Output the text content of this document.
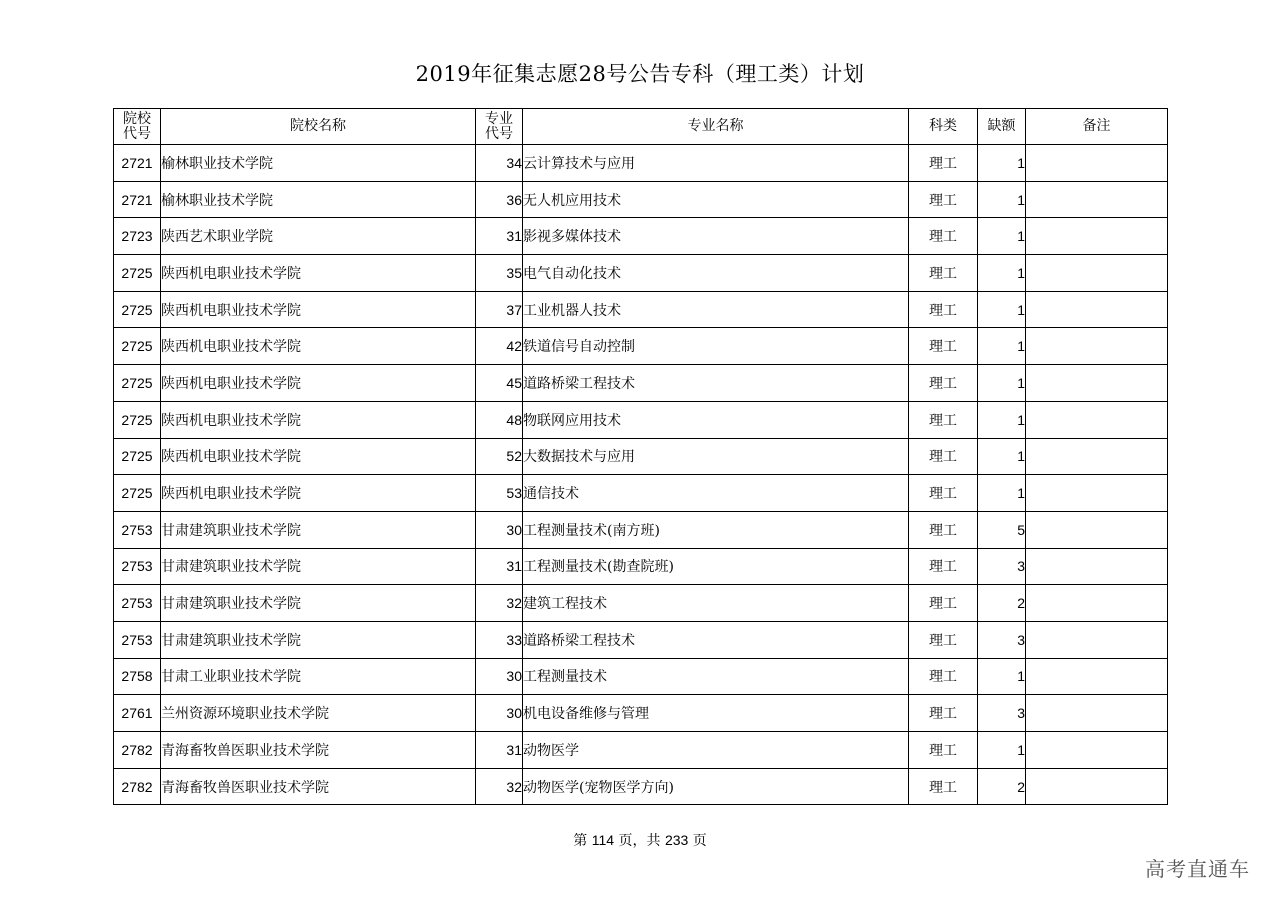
2019年征集志愿28号公告专科（理工类）计划
院校代号	院校名称	专业代号	专业名称	科类	缺额	备注
2721	榆林职业技术学院	34	云计算技术与应用	理工	1	
2721	榆林职业技术学院	36	无人机应用技术	理工	1	
2723	陕西艺术职业学院	31	影视多媒体技术	理工	1	
2725	陕西机电职业技术学院	35	电气自动化技术	理工	1	
2725	陕西机电职业技术学院	37	工业机器人技术	理工	1	
2725	陕西机电职业技术学院	42	铁道信号自动控制	理工	1	
2725	陕西机电职业技术学院	45	道路桥梁工程技术	理工	1	
2725	陕西机电职业技术学院	48	物联网应用技术	理工	1	
2725	陕西机电职业技术学院	52	大数据技术与应用	理工	1	
2725	陕西机电职业技术学院	53	通信技术	理工	1	
2753	甘肃建筑职业技术学院	30	工程测量技术(南方班)	理工	5	
2753	甘肃建筑职业技术学院	31	工程测量技术(勘查院班)	理工	3	
2753	甘肃建筑职业技术学院	32	建筑工程技术	理工	2	
2753	甘肃建筑职业技术学院	33	道路桥梁工程技术	理工	3	
2758	甘肃工业职业技术学院	30	工程测量技术	理工	1	
2761	兰州资源环境职业技术学院	30	机电设备维修与管理	理工	3	
2782	青海畜牧兽医职业技术学院	31	动物医学	理工	1	
2782	青海畜牧兽医职业技术学院	32	动物医学(宠物医学方向)	理工	2	
第 114 页，共 233 页
高考直通车
